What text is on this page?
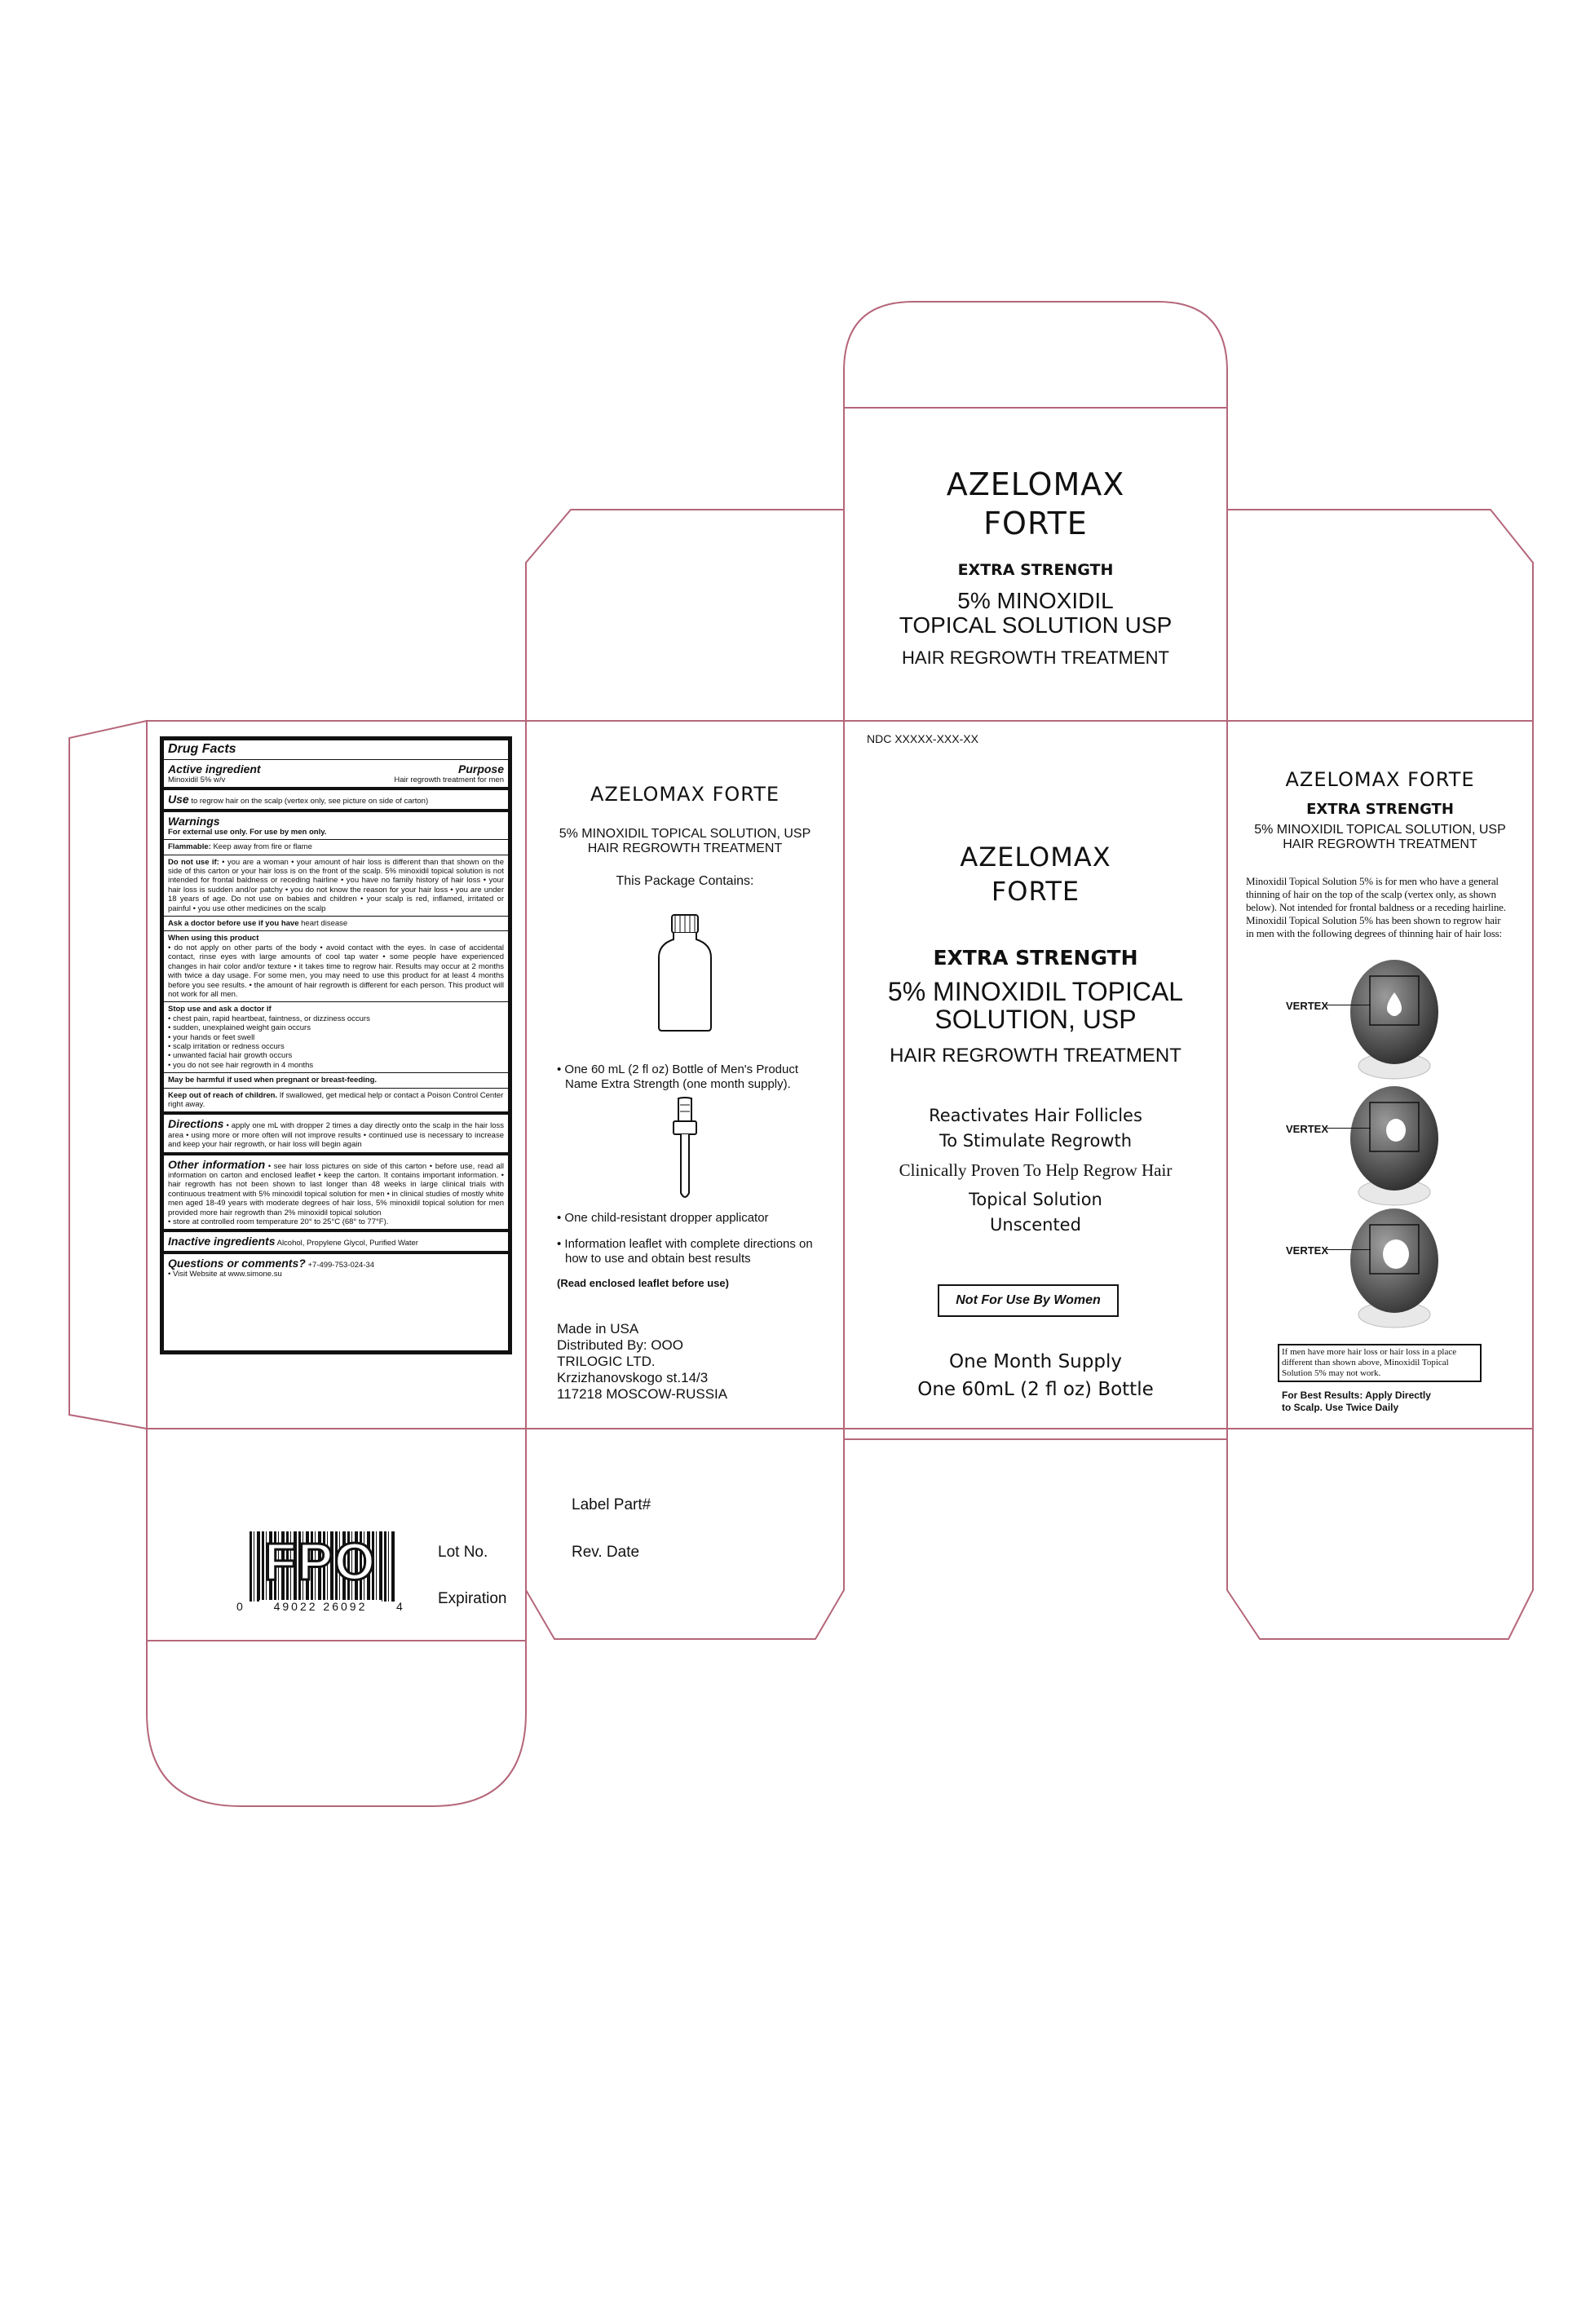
Drug Facts
Active ingredient	Purpose
Minoxidil 5% w/v	Hair regrowth treatment for men
Use to regrow hair on the scalp (vertex only, see picture on side of carton)
Warnings

For external use only. For use by men only.

Flammable: Keep away from fire or flame
Do not use if: • you are a woman • your amount of hair loss is different than that shown on the side of this carton or your hair loss is on the front of the scalp. 5% minoxidil topical solution is not intended for frontal baldness or receding hairline • you have no family history of hair loss • your hair loss is sudden and/or patchy • you do not know the reason for your hair loss • you are under 18 years of age. Do not use on babies and children • your scalp is red, inflamed, irritated or painful • you use other medicines on the scalp
Ask a doctor before use if you have heart disease

When using this product

• do not apply on other parts of the body • avoid contact with the eyes. In case of accidental contact, rinse eyes with large amounts of cool tap water • some people have experienced changes in hair color and/or texture • it takes time to regrow hair. Results may occur at 2 months with twice a day usage. For some men, you may need to use this product for at least 4 months before you see results. • the amount of hair regrowth is different for each person. This product will not work for all men.

Stop use and ask a doctor if

• chest pain, rapid heartbeat, faintness, or dizziness occurs

• sudden, unexplained weight gain occurs

• your hands or feet swell

• scalp irritation or redness occurs

• unwanted facial hair growth occurs

• you do not see hair regrowth in 4 months

May be harmful if used when pregnant or breast-feeding.

Keep out of reach of children. If swallowed, get medical help or contact a Poison Control Center right away.
Directions • apply one mL with dropper 2 times a day directly onto the scalp in the hair loss area • using more or more often will not improve results • continued use is necessary to increase and keep your hair regrowth, or hair loss will begin again
Other information • see hair loss pictures on side of this carton • before use, read all information on carton and enclosed leaflet • keep the carton. It contains important information. • hair regrowth has not been shown to last longer than 48 weeks in large clinical trials with continuous treatment with 5% minoxidil topical solution for men • in clinical studies of mostly white men aged 18-49 years with moderate degrees of hair loss, 5% minoxidil topical solution for men provided more hair regrowth than 2% minoxidil topical solution

• store at controlled room temperature 20° to 25°C (68° to 77°F).

Inactive ingredients Alcohol, Propylene Glycol, Purified Water
Questions or comments? +7-499-753-024-34

• Visit Website at www.simone.su

AZELOMAX
FORTE
EXTRA STRENGTH
5% MINOXIDIL
TOPICAL SOLUTION USP
HAIR REGROWTH TREATMENT
AZELOMAX FORTE
5% MINOXIDIL TOPICAL SOLUTION, USP
HAIR REGROWTH TREATMENT
This Package Contains:
• One 60 mL (2 fl oz) Bottle of Men's Product
Name Extra Strength (one month supply).
• One child-resistant dropper applicator
• Information leaflet with complete directions on
how to use and obtain best results
(Read enclosed leaflet before use)
Made in USA
Distributed By: OOO
TRILOGIC LTD.
Krzizhanovskogo st.14/3
117218 MOSCOW-RUSSIA
NDC XXXXX-XXX-XX
AZELOMAX
FORTE
EXTRA STRENGTH
5% MINOXIDIL TOPICAL
SOLUTION, USP
HAIR REGROWTH TREATMENT
Reactivates Hair Follicles
To Stimulate Regrowth
Clinically Proven To Help Regrow Hair
Topical Solution
Unscented
Not For Use By Women
One Month Supply
One 60mL (2 fl oz) Bottle
AZELOMAX FORTE
EXTRA STRENGTH
5% MINOXIDIL TOPICAL SOLUTION, USP
HAIR REGROWTH TREATMENT
Minoxidil Topical Solution 5% is for men who have a general thinning of hair on the top of the scalp (vertex only, as shown below). Not intended for frontal baldness or a receding hairline. Minoxidil Topical Solution 5% has been shown to regrow hair in men with the following degrees of thinning hair of hair loss:
VERTEX
VERTEX
VERTEX
If men have more hair loss or hair loss in a place different than shown above, Minoxidil Topical Solution 5% may not work.
For Best Results: Apply Directly
to Scalp. Use Twice Daily
FPO
0	49022 26092	4
Lot No.
Expiration
Label Part#
Rev. Date
